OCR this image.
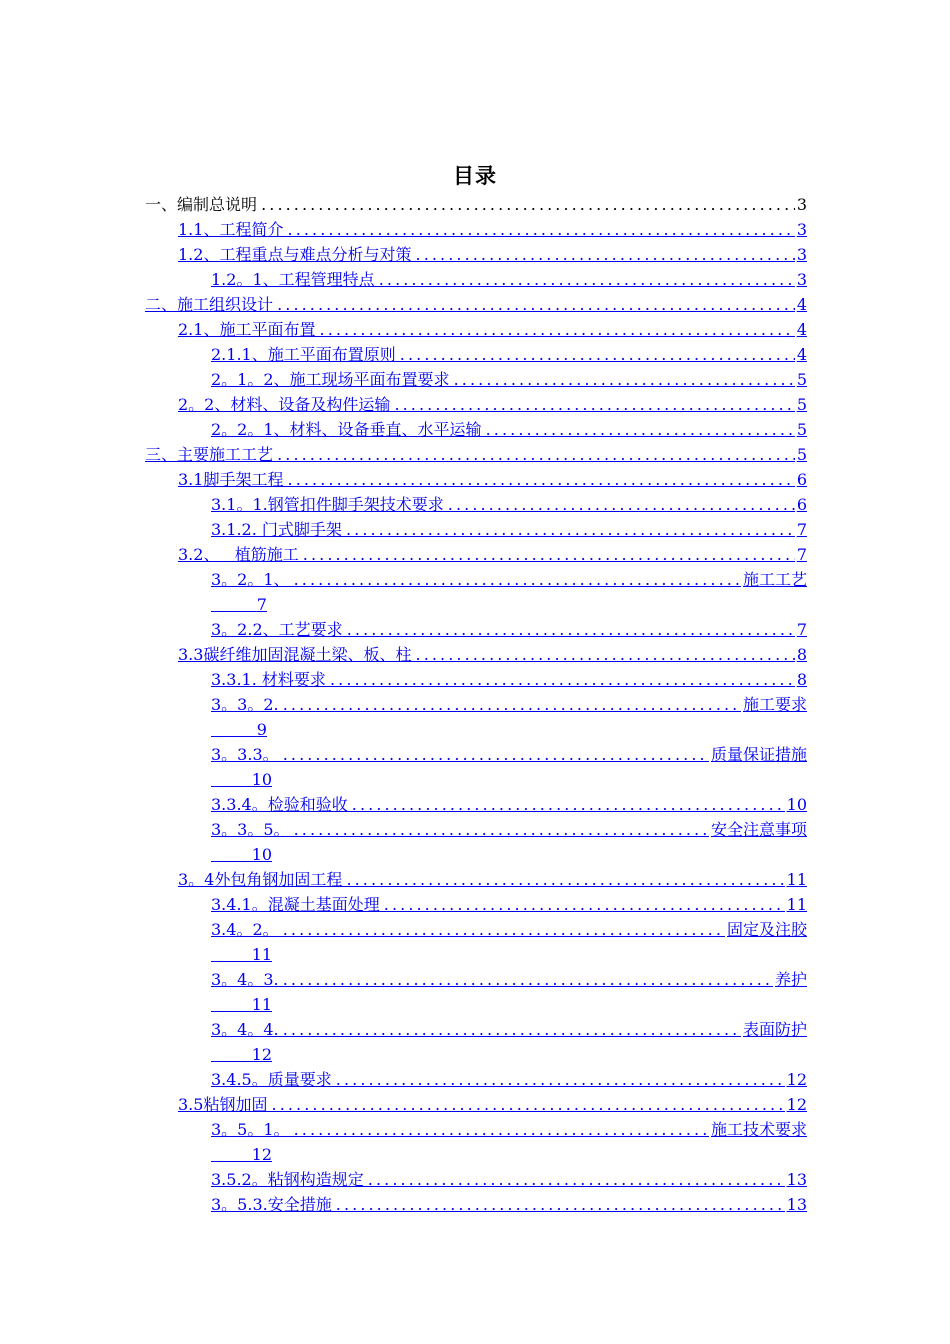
目录
一、编制总说明 . . .	3
1.1、工程简介 . . .	3
1.2、工程重点与难点分析与对策 . . .	3
1.2。1、工程管理特点 . . .	3
二、施工组织设计 . . .	4
2.1、施工平面布置 . . .	4
2.1.1、施工平面布置原则 . . .	4
2。1。2、施工现场平面布置要求 . . .	5
2。2、材料、设备及构件运输 . . .	5
2。2。1、材料、设备垂直、水平运输 . . .	5
三、主要施工工艺 . . .	5
3.1脚手架工程 . . .	6
3.1。1.钢管扣件脚手架技术要求 . . .	6
3.1.2. 门式脚手架 . . .	7
3.2、   植筋施工 . . .	7
3。2。1、 . . .	施工工艺
7
3。2.2、工艺要求 . . .	7
3.3碳纤维加固混凝土梁、板、柱 . . .	8
3.3.1. 材料要求 . . .	8
3。3。2. . . .	施工要求
9
3。3.3。 . . .	质量保证措施
10
3.3.4。检验和验收 . . .	10
3。3。5。 . . .	安全注意事项
10
3。4外包角钢加固工程 . . .	11
3.4.1。混凝土基面处理 . . .	11
3.4。2。 . . .	固定及注胶
11
3。4。3. . . .	养护
11
3。4。4. . . .	表面防护
12
3.4.5。质量要求 . . .	12
3.5粘钢加固 . . .	12
3。5。1。 . . .	施工技术要求
12
3.5.2。粘钢构造规定 . . .	13
3。5.3.安全措施 . . .	13
